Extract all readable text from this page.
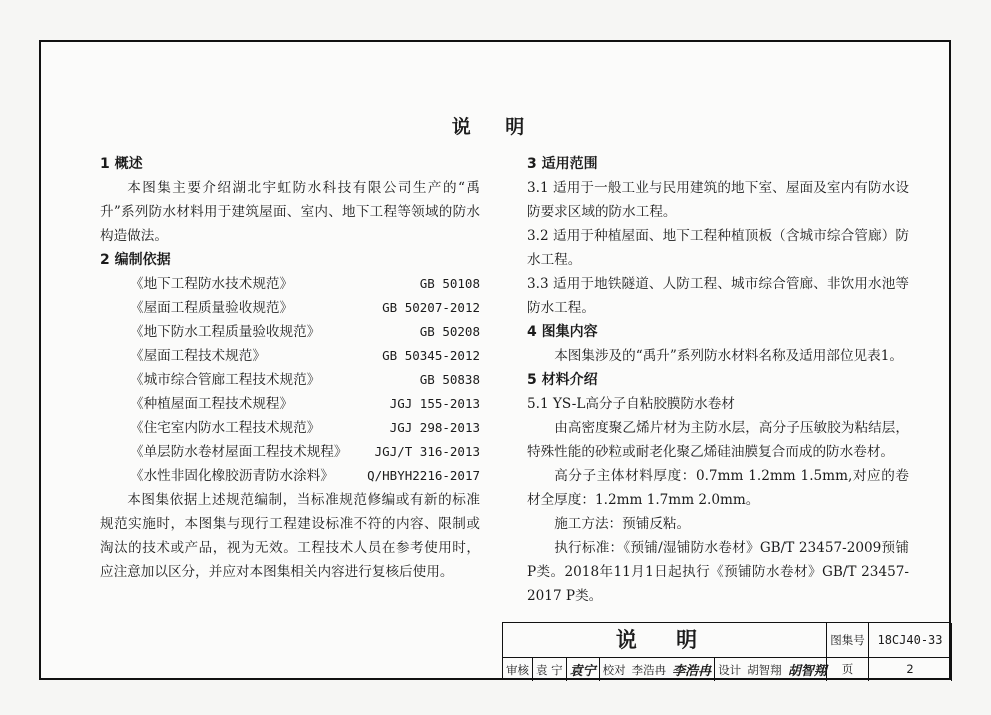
说 明
1 概述
本图集主要介绍湖北宇虹防水科技有限公司生产的“禹升”系列防水材料用于建筑屋面、室内、地下工程等领域的防水构造做法。
2 编制依据
《地下工程防水技术规范》	GB 50108
《屋面工程质量验收规范》	GB 50207-2012
《地下防水工程质量验收规范》	GB 50208
《屋面工程技术规范》	GB 50345-2012
《城市综合管廊工程技术规范》	GB 50838
《种植屋面工程技术规程》	JGJ 155-2013
《住宅室内防水工程技术规范》	JGJ 298-2013
《单层防水卷材屋面工程技术规程》 JGJ/T 316-2013
《水性非固化橡胶沥青防水涂料》	Q/HBYH2216-2017
本图集依据上述规范编制，当标准规范修编或有新的标准规范实施时，本图集与现行工程建设标准不符的内容、限制或淘汰的技术或产品，视为无效。工程技术人员在参考使用时，应注意加以区分，并应对本图集相关内容进行复核后使用。
3 适用范围
3.1 适用于一般工业与民用建筑的地下室、屋面及室内有防水设防要求区域的防水工程。
3.2 适用于种植屋面、地下工程种植顶板（含城市综合管廊）防水工程。
3.3 适用于地铁隧道、人防工程、城市综合管廊、非饮用水池等防水工程。
4 图集内容
本图集涉及的“禹升”系列防水材料名称及适用部位见表1。
5 材料介绍
5.1 YS-L高分子自粘胶膜防水卷材
由高密度聚乙烯片材为主防水层，高分子压敏胶为粘结层，特殊性能的砂粒或耐老化聚乙烯硅油膜复合而成的防水卷材。
高分子主体材料厚度：0.7mm 1.2mm 1.5mm,对应的卷材全厚度：1.2mm 1.7mm 2.0mm。
施工方法：预铺反粘。
执行标准：《预铺/湿铺防水卷材》GB/T 23457-2009预铺P类。2018年11月1日起执行《预铺防水卷材》GB/T 23457-2017 P类。
说 明	图集号	18CJ40-33
页	2
审核 袁 宁 袁宁 校对 李浩冉 李浩冉 设计 胡智翔 胡智翔
